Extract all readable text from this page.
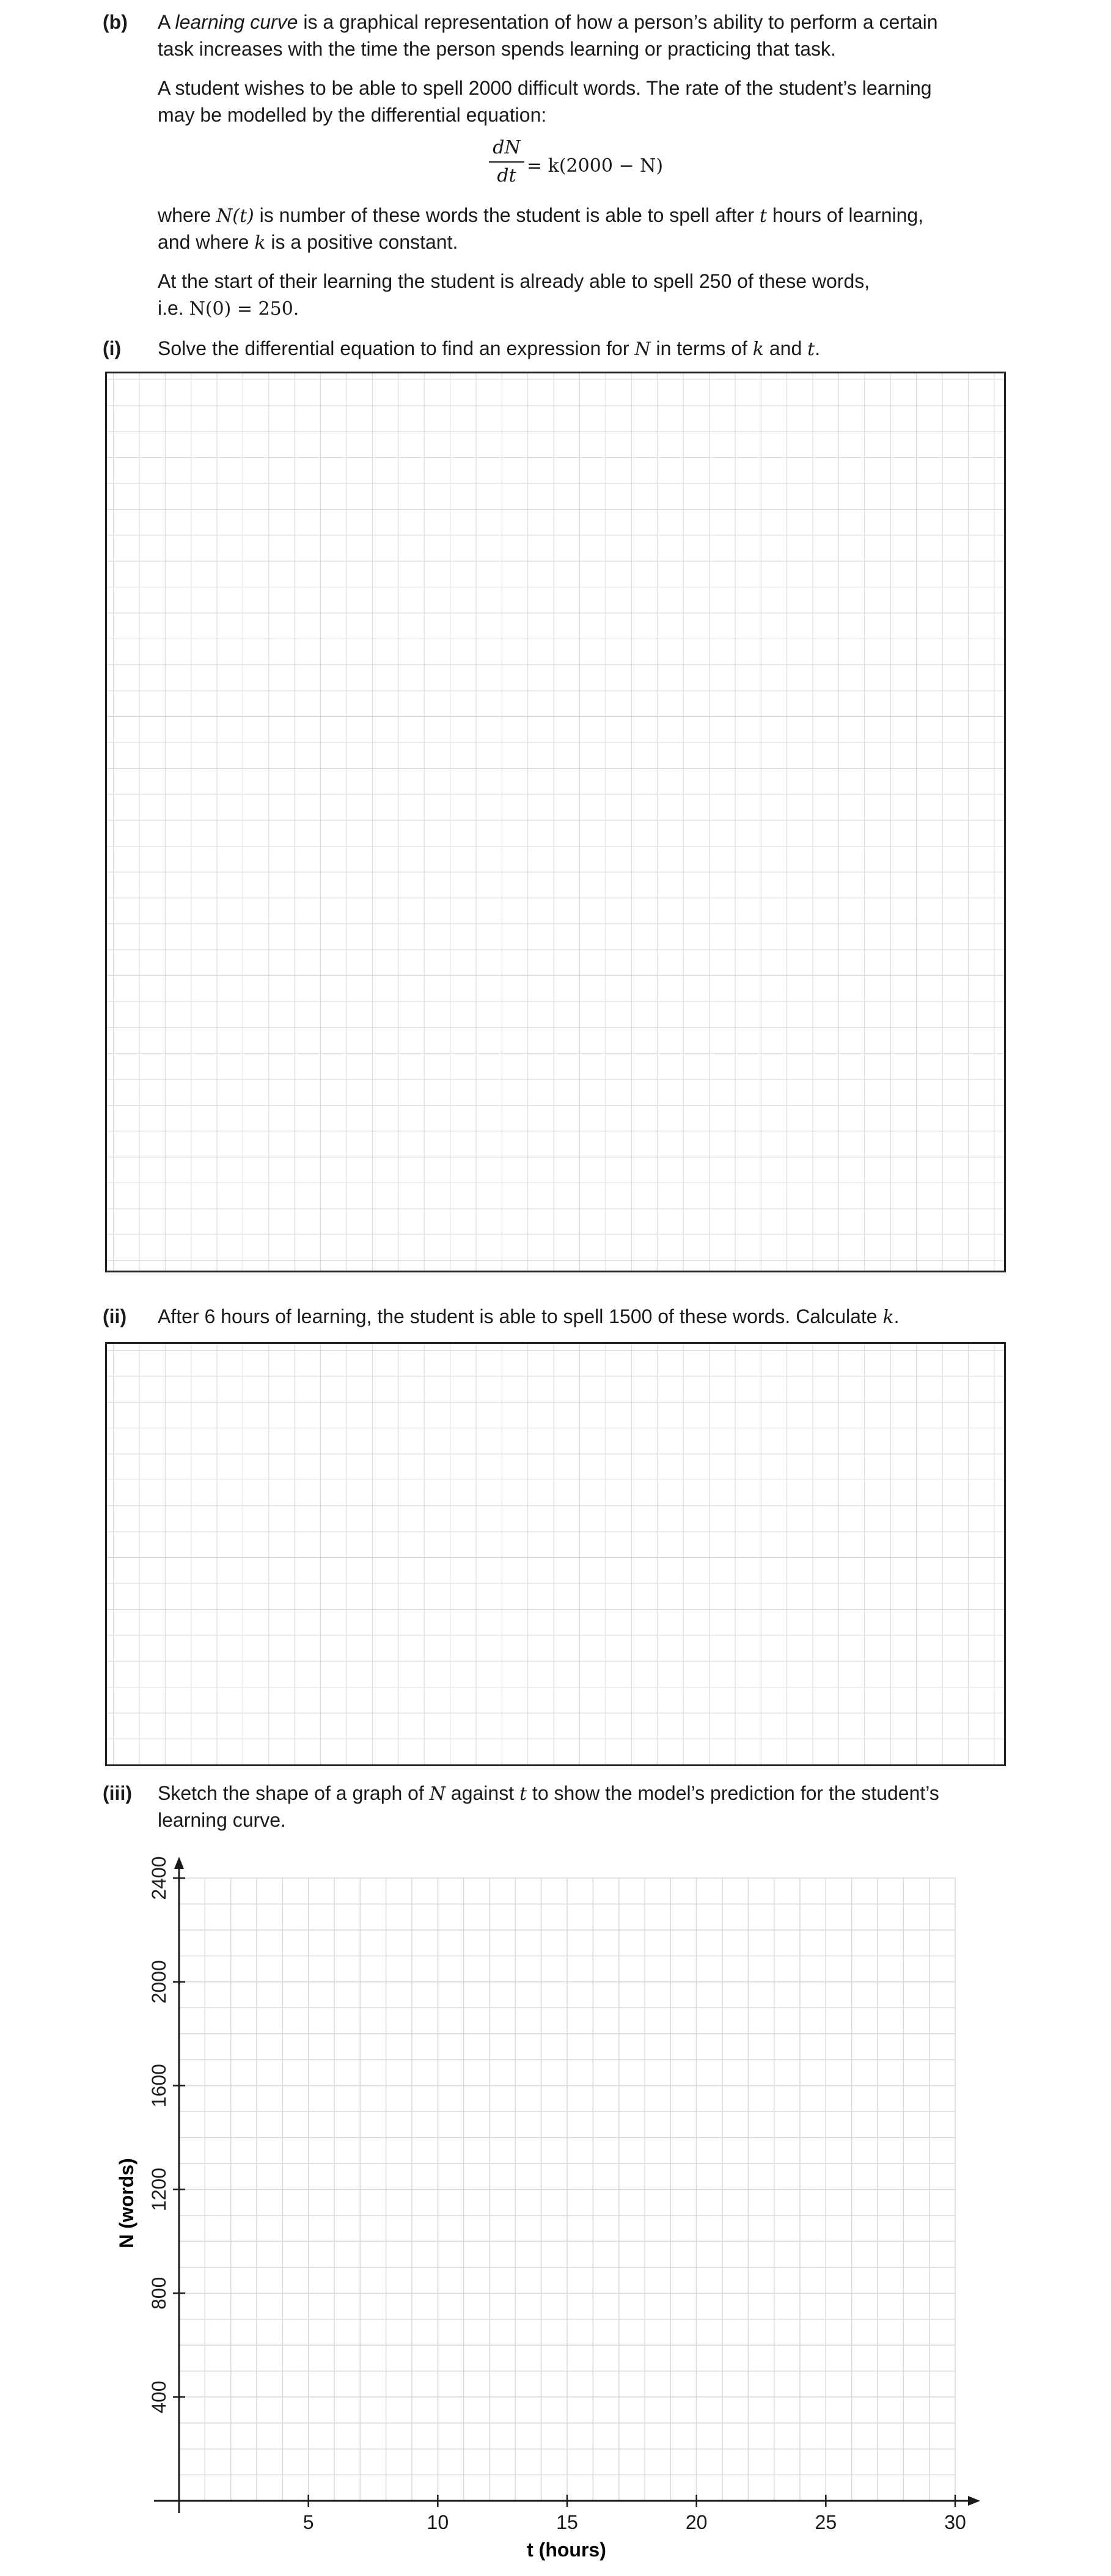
(b) A learning curve is a graphical representation of how a person’s ability to perform a certain
task increases with the time the person spends learning or practicing that task.
A student wishes to be able to spell 2000 difficult words. The rate of the student’s learning
may be modelled by the differential equation:
dN
dt = k(2000 − N)
where N(t) is number of these words the student is able to spell after t hours of learning,
and where k is a positive constant.
At the start of their learning the student is already able to spell 250 of these words,
i.e. N(0) = 250.
(i) Solve the differential equation to find an expression for N in terms of k and t.
(ii) After 6 hours of learning, the student is able to spell 1500 of these words. Calculate k.
(iii) Sketch the shape of a graph of N against t to show the model’s prediction for the student’s
learning curve.
5	10	15	20	25	30
400
800
1200
1600
2000
2400
t (hours)
N (words)
